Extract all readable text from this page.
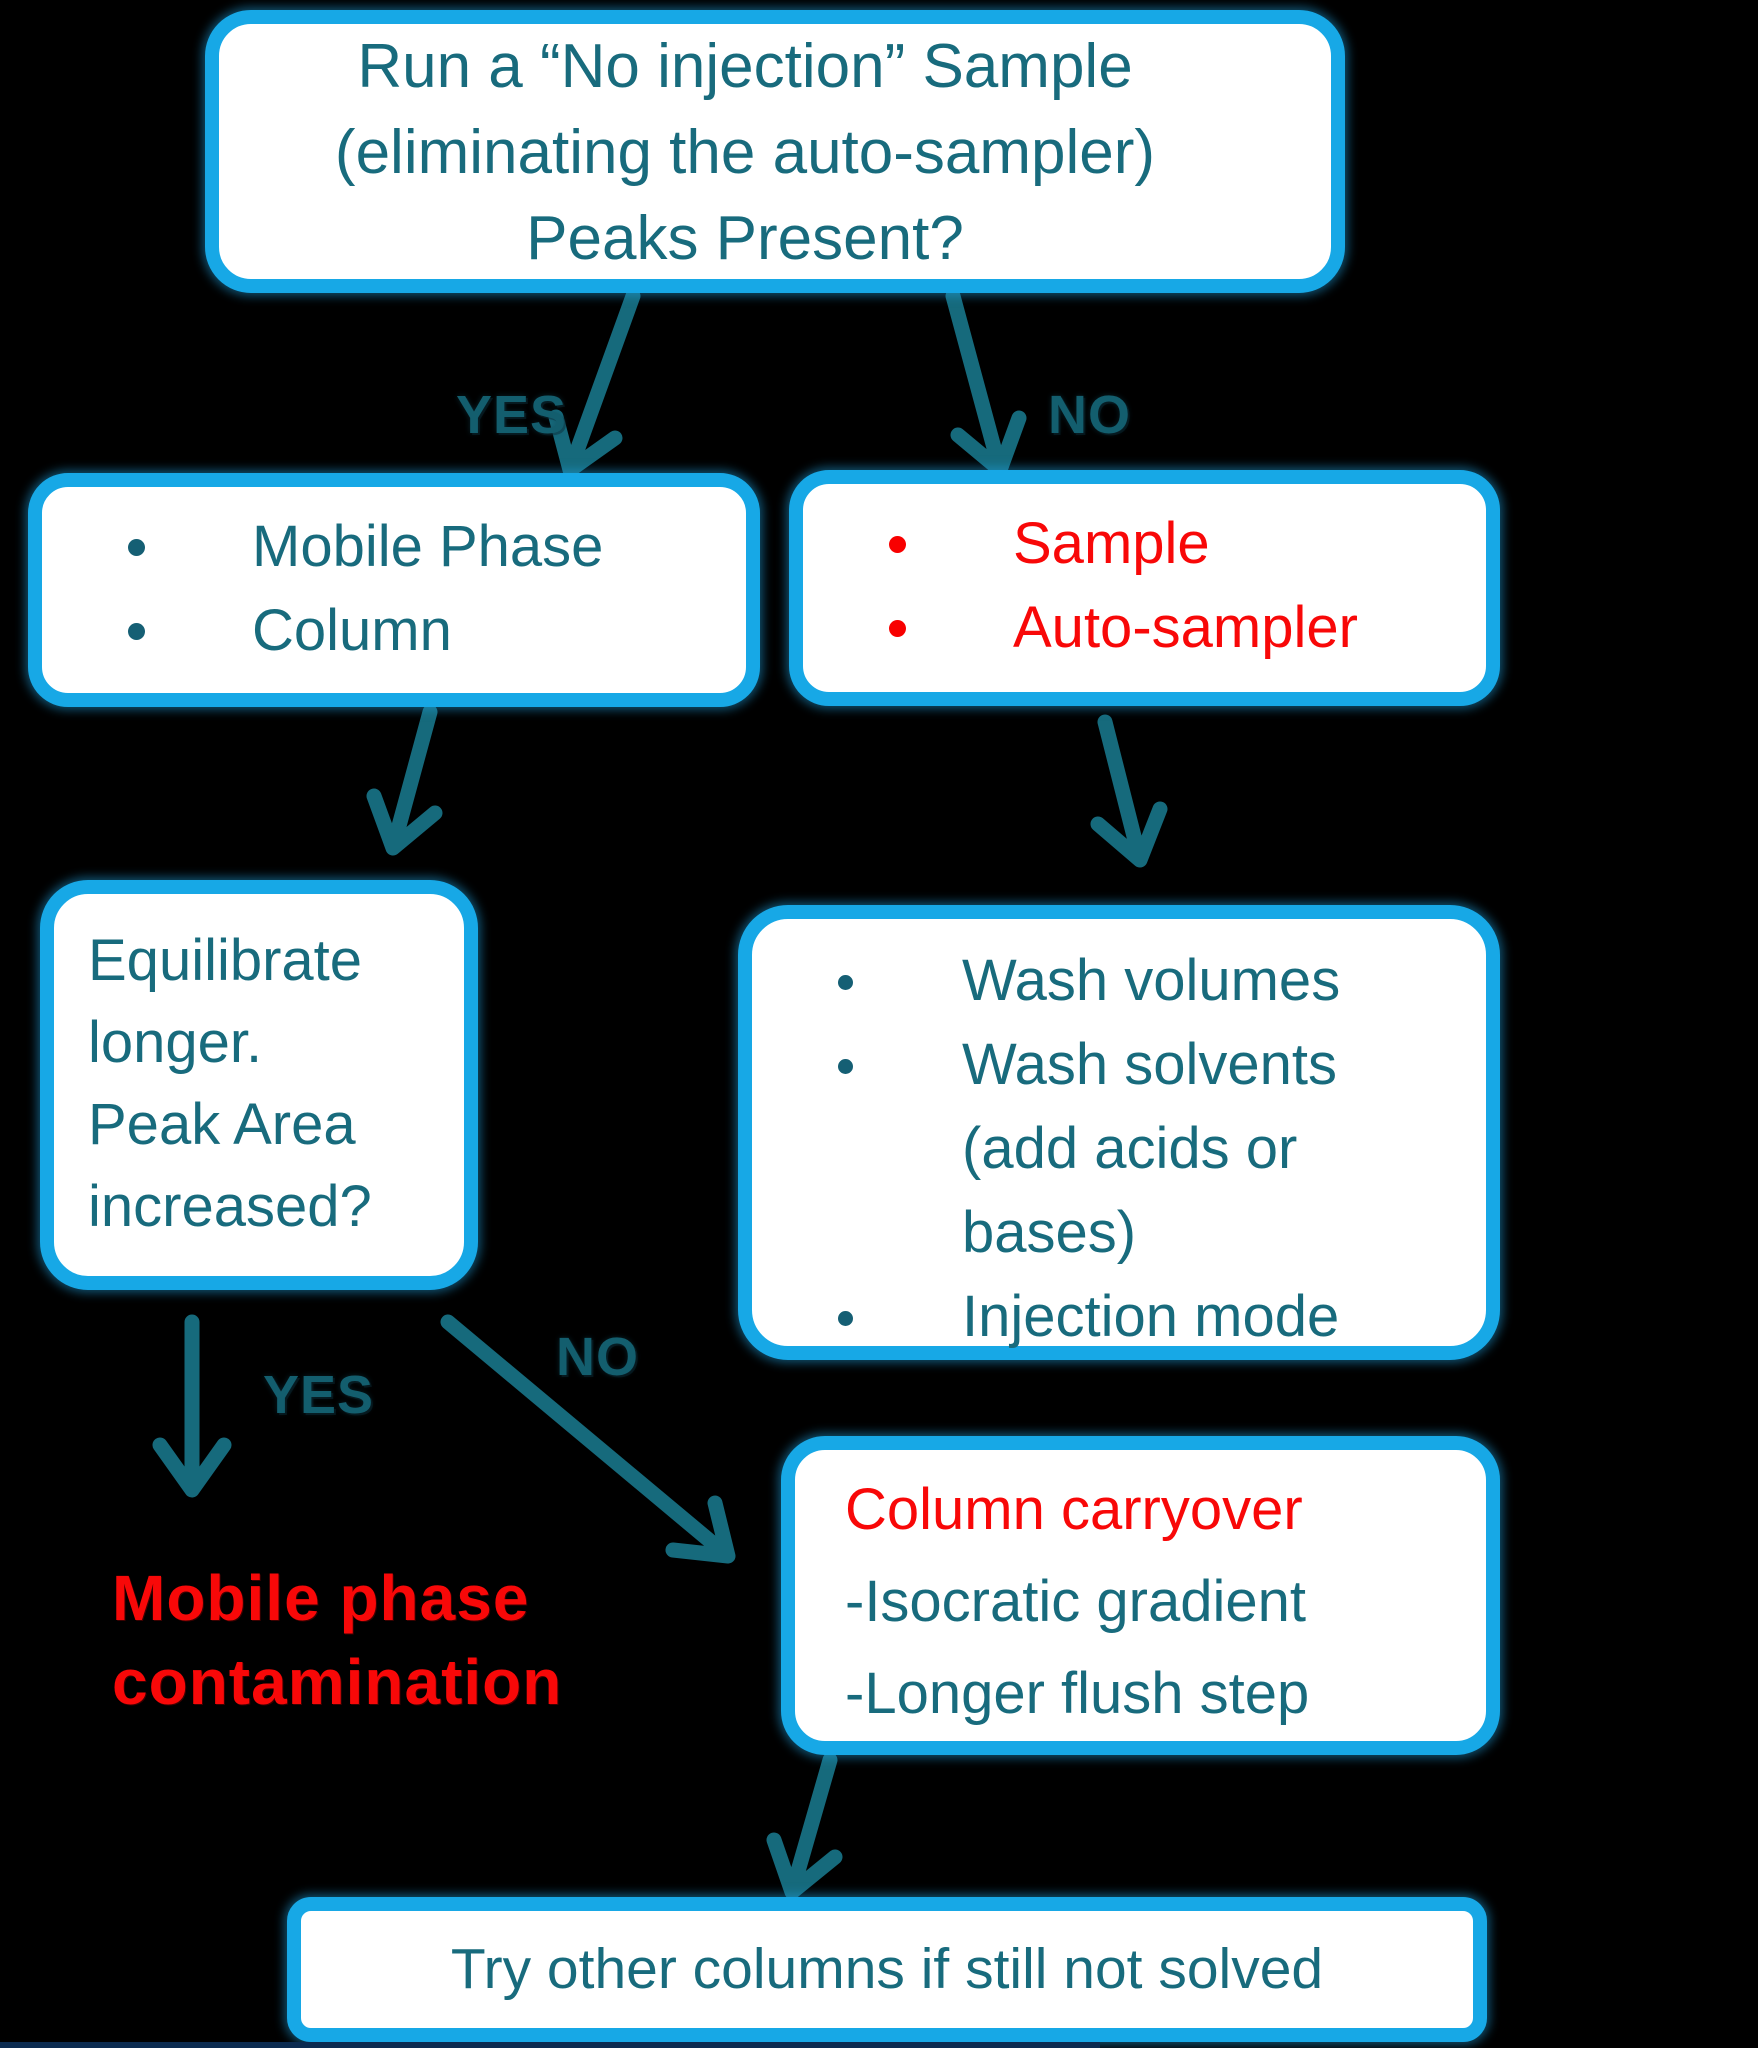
Run a “No injection” Sample
(eliminating the auto-sampler)
Peaks Present?
YES	NO
YES
NO
Mobile Phase
Column
Sample
Auto-sampler
Equilibrate
longer.
Peak Area
increased?
Wash volumes
Wash solvents (add acids or bases)
Injection mode
Mobile phase
contamination
Column carryover
-Isocratic gradient
-Longer flush step
Try other columns if still not solved
